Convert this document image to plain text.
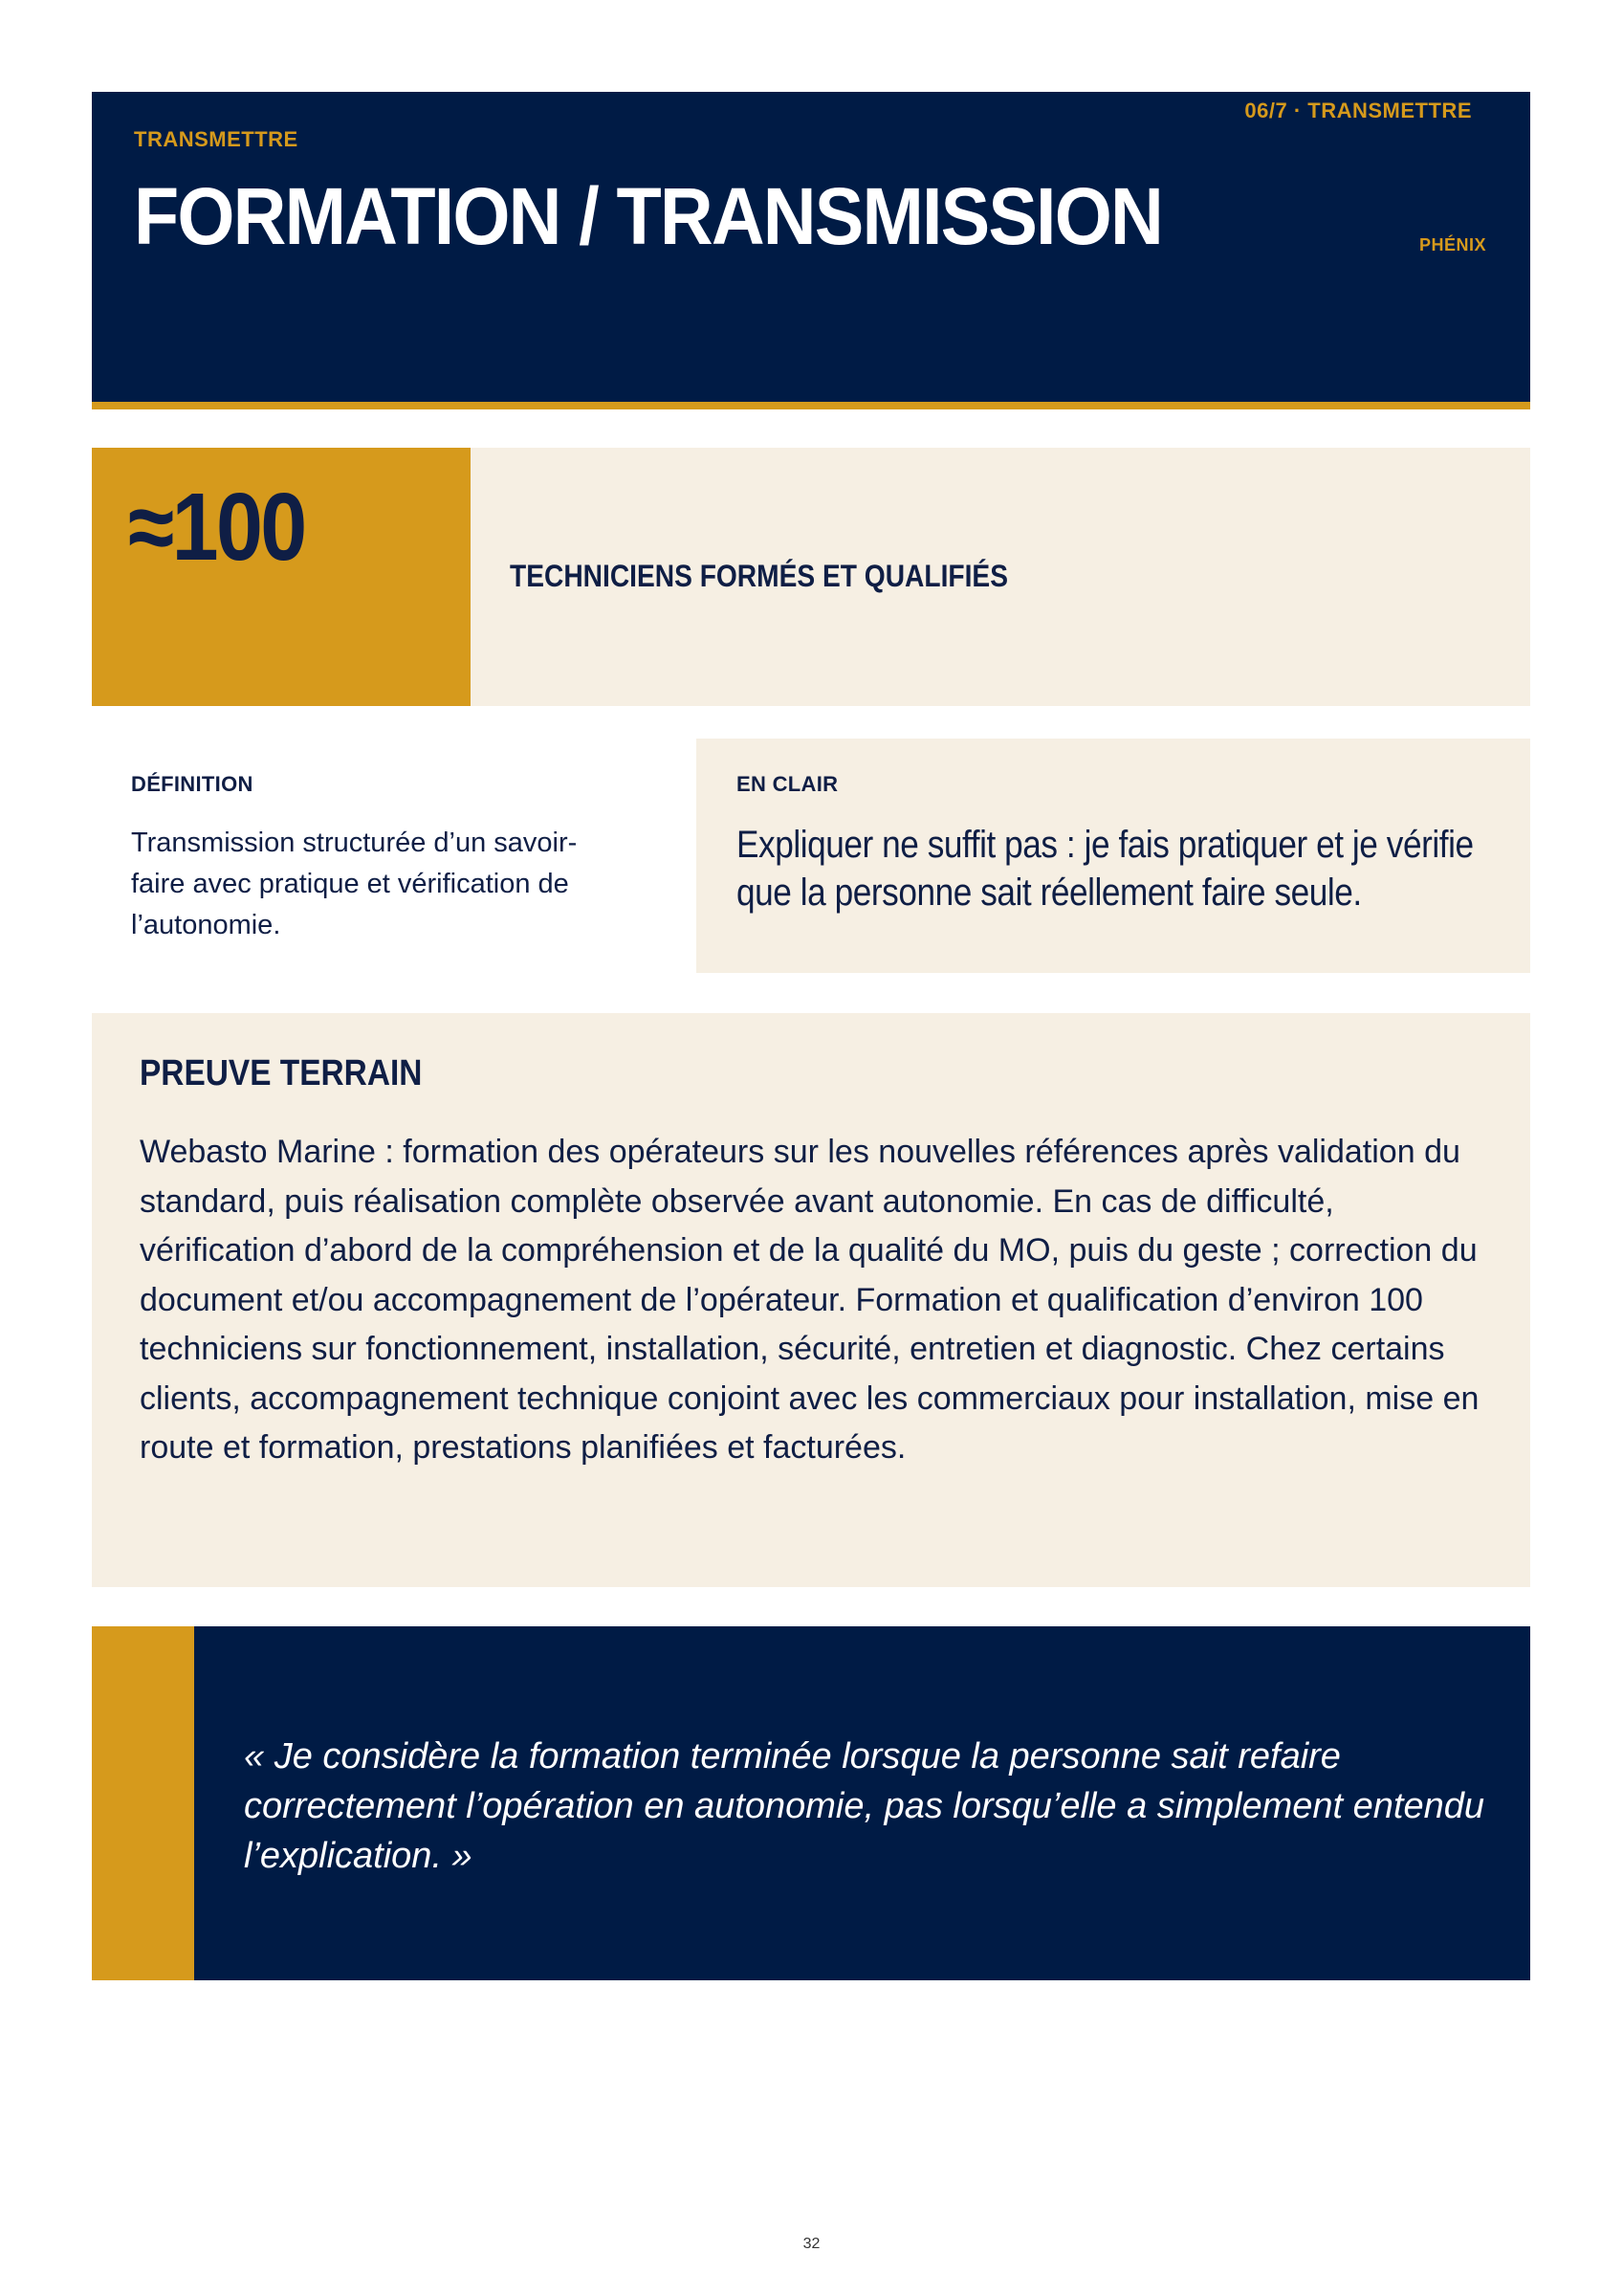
06/7 · TRANSMETTRE
TRANSMETTRE
FORMATION / TRANSMISSION	PHÉNIX
≈100	TECHNICIENS FORMÉS ET QUALIFIÉS
DÉFINITION
Transmission structurée d’un savoir-faire avec pratique et vérification de l’autonomie.
EN CLAIR
Expliquer ne suffit pas : je fais pratiquer et je vérifie que la personne sait réellement faire seule.
PREUVE TERRAIN
Webasto Marine : formation des opérateurs sur les nouvelles références après validation du standard, puis réalisation complète observée avant autonomie. En cas de difficulté, vérification d’abord de la compréhension et de la qualité du MO, puis du geste ; correction du document et/ou accompagnement de l’opérateur. Formation et qualification d’environ 100 techniciens sur fonctionnement, installation, sécurité, entretien et diagnostic. Chez certains clients, accompagnement technique conjoint avec les commerciaux pour installation, mise en route et formation, prestations planifiées et facturées.
« Je considère la formation terminée lorsque la personne sait refaire correctement l’opération en autonomie, pas lorsqu’elle a simplement entendu l’explication. »
32
